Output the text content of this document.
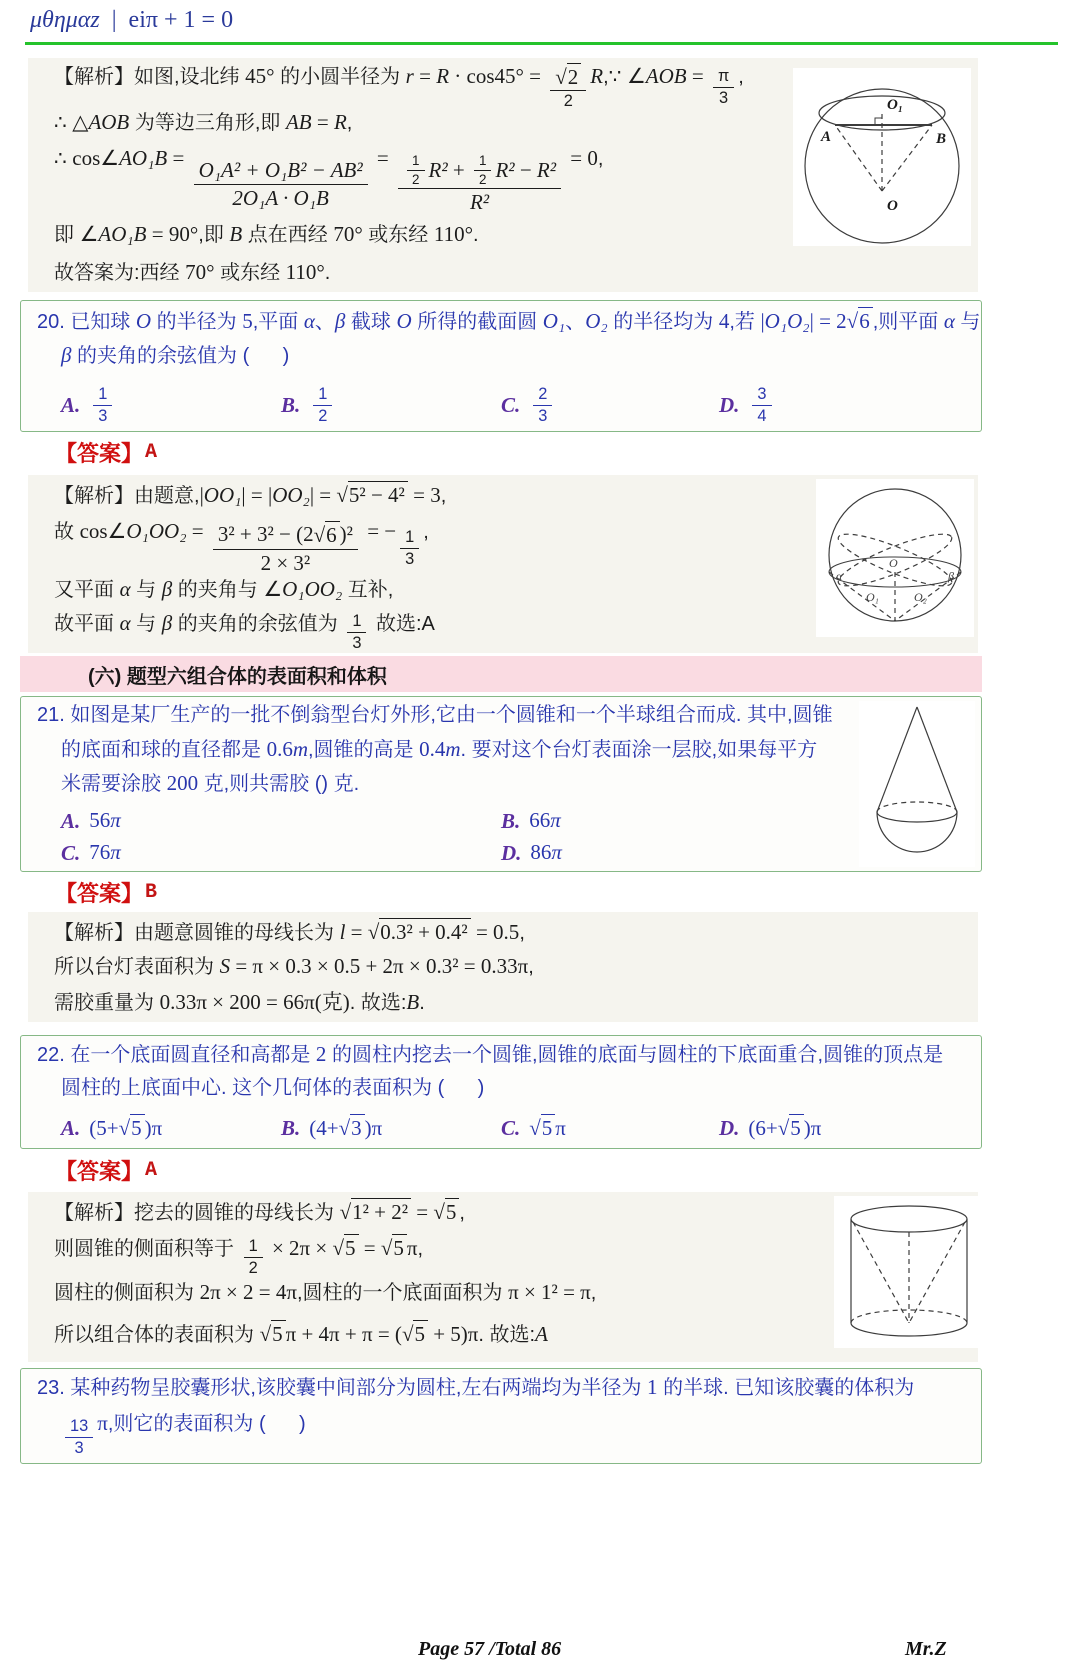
μθημαz |  e iπ + 1 = 0
【解析】如图,设北纬 45° 的小圆半径为 $r = R \cdot \cos 45^\circ = \frac{√ 2}{2}$ R ,∵ ∠ AOB = $\frac{\pi}{3}$ ,
∴ △ AOB 为等边三角形,即 AB = R ,
∴ cos∠ AO₁B =
$\frac{\text{O₁A² + O₁B² − AB²}}{\text{2O₁A · O₁B}}$
= $\frac{\frac{1}{2} R^2 + \frac{1}{2} R^2 - R^2}{\text{R²}} = 0$ ,
即 ∠ AO₁B = 90° ,即 B 点在西经 70° 或东经 110° .
故答案为:西经 70° 或东经 110° .
O₁
A	B
O
20. 已知球 O 的半径为 5 ,平面 α 、 β 截球 O 所得的截面圆 O₁ 、 O₂ 的半径均为 4 ,若 | O₁O₂ | = 2 √ 6 ,则平面 α 与
β 的夹角的余弦值为 (      )
A. $\frac{1}{3}$	B. $\frac{1}{2}$	C. $\frac{2}{3}$	D. $\frac{3}{4}$
【答案】 A
【解析】由题意, | OO₁ | = | OO₂ | = √ 5² − 4² = 3 ,
故 cos∠ $O_1OO_2 = \frac{\text{3² + 3² − (2 √ 6 )²}}{\text{2 × 3²}}$ = − $\frac{1}{3}$ ,
又平面 α 与 β 的夹角与 ∠ O₁OO₂ 互补,
故平面 α 与 β 的夹角的余弦值为 $\frac{1}{3}$ 故选:A
O
O₁	O₂
α	β
(六) 题型六组合体的表面积和体积
21. 如图是某厂生产的一批不倒翁型台灯外形,它由一个圆锥和一个半球组合而成. 其中,圆锥
的底面和球的直径都是 0.6 m ,圆锥的高是 0.4 m . 要对这个台灯表面涂一层胶,如果每平方
米需要涂胶 200 克,则共需胶 () 克.
A. 56 π	B. 66 π
C. 76 π	D. 86 π
【答案】 B
【解析】由题意圆锥的母线长为 l = √ 0.3² + 0.4² = 0.5 ,
所以台灯表面积为 S = π × 0.3 × 0.5 + 2π × 0.3² = 0.33π ,
需胶重量为 0.33π × 200 = 66π(克) . 故选: B .
22. 在一个底面圆直径和高都是 2 的圆柱内挖去一个圆锥,圆锥的底面与圆柱的下底面重合,圆锥的顶点是
圆柱的上底面中心. 这个几何体的表面积为 (      )
A. (5+ √ 5 )π	B. (4+ √ 3 )π	C. √ 5 π	D. (6+ √ 5 )π
【答案】 A
【解析】挖去的圆锥的母线长为 √ 1² + 2² = √ 5 ,
则圆锥的侧面积等于 $\frac{1}{2} \times 2\pi$ × √ 5 = √ 5 π ,
圆柱的侧面积为 2π × 2 = 4π ,圆柱的一个底面面积为 π × 1² = π ,
所以组合体的表面积为 √ 5 π + 4π + π = ( √ 5 + 5)π . 故选: A
23. 某种药物呈胶囊形状,该胶囊中间部分为圆柱,左右两端均为半径为 1 的半球. 已知该胶囊的体积为
$\frac{13}{3}$ π ,则它的表面积为 (      )
Page 57 /Total 86	Mr.Z
